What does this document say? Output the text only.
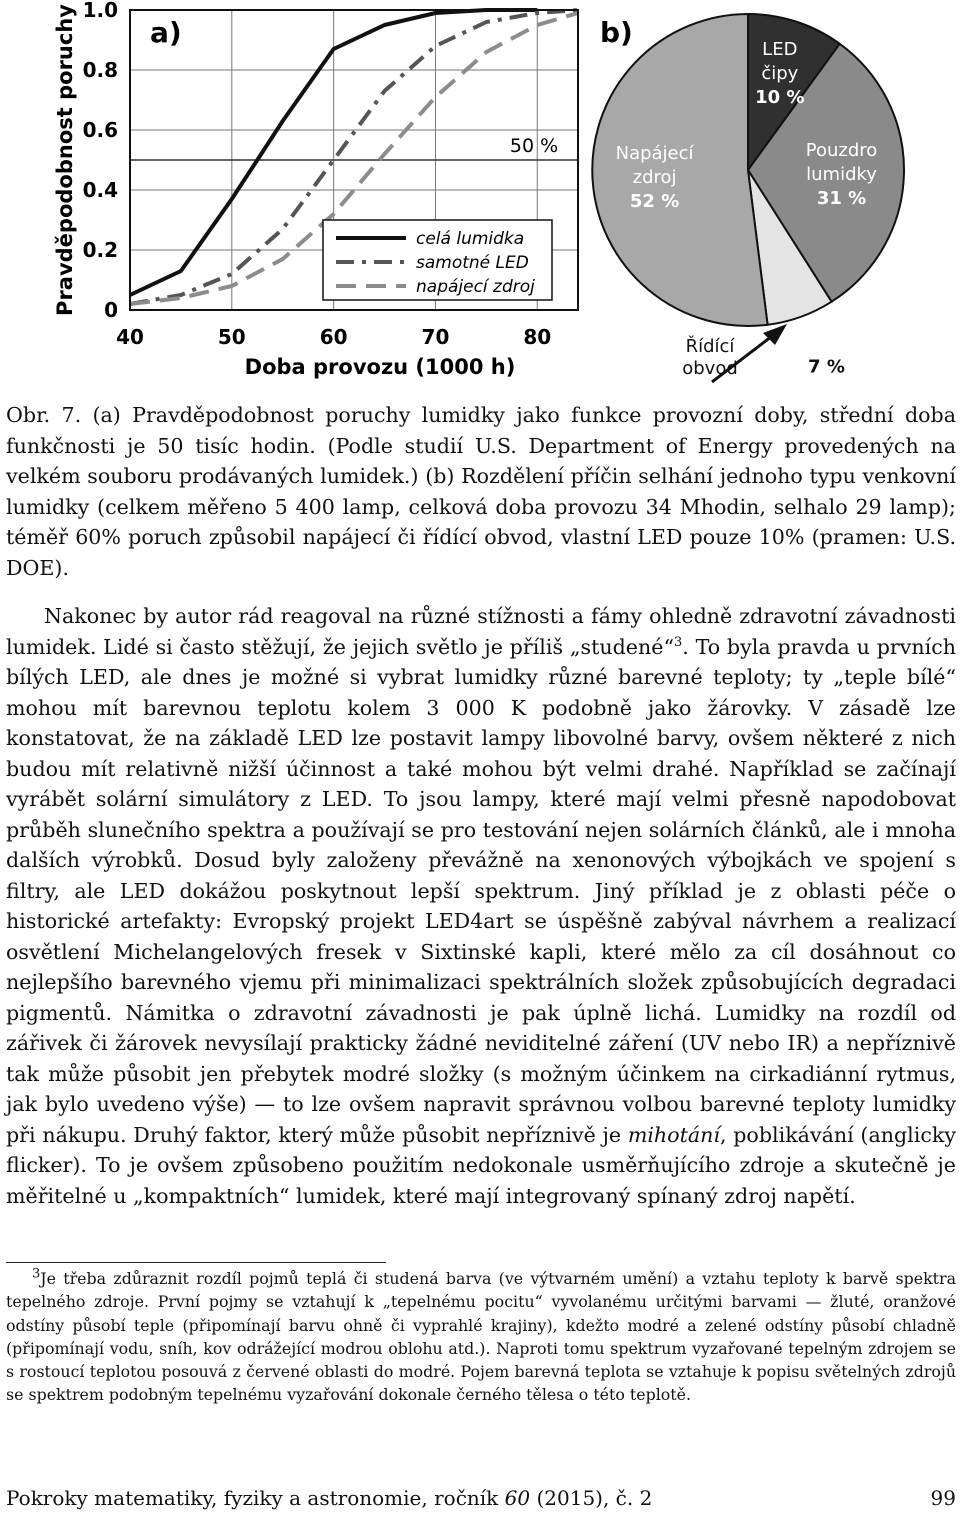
a)
Pravděpodobnost poruchy
Doba provozu (1000 h)
40	50	60	70	80
0
0.2
0.4
0.6
0.8
1.0
50 %
celá lumidka
samotné LED
napájecí zdroj
b)
LED
čipy
10 %
Pouzdro
lumidky
31 %
7 %
Řídící
obvod
Napájecí
zdroj
52 %
Obr. 7. (a) Pravděpodobnost poruchy lumidky jako funkce provozní doby, střední doba funkčnosti je 50 tisíc hodin. (Podle studií U.S. Department of Energy provedených na velkém souboru prodávaných lumidek.) (b) Rozdělení příčin selhání jednoho typu venkovní lumidky (celkem měřeno 5 400 lamp, celková doba provozu 34 Mhodin, selhalo 29 lamp); téměř 60% poruch způsobil napájecí či řídící obvod, vlastní LED pouze 10% (pramen: U.S. DOE).

Nakonec by autor rád reagoval na různé stížnosti a fámy ohledně zdravotní závadnosti lumidek. Lidé si často stěžují, že jejich světlo je příliš „studené“$^3$. To byla pravda u prvních bílých LED, ale dnes je možné si vybrat lumidky různé barevné teploty; ty „teple bílé“ mohou mít barevnou teplotu kolem 3 000 K podobně jako žárovky. V zásadě lze konstatovat, že na základě LED lze postavit lampy libovolné barvy, ovšem některé z nich budou mít relativně nižší účinnost a také mohou být velmi drahé. Například se začínají vyrábět solární simulátory z LED. To jsou lampy, které mají velmi přesně napodobovat průběh slunečního spektra a používají se pro testování nejen solárních článků, ale i mnoha dalších výrobků. Dosud byly založeny převážně na xenonových výbojkách ve spojení s filtry, ale LED dokážou poskytnout lepší spektrum. Jiný příklad je z oblasti péče o historické artefakty: Evropský projekt LED4art se úspěšně zabýval návrhem a realizací osvětlení Michelangelových fresek v Sixtinské kapli, které mělo za cíl dosáhnout co nejlepšího barevného vjemu při minimalizaci spektrálních složek způsobujících degradaci pigmentů. Námitka o zdravotní závadnosti je pak úplně lichá. Lumidky na rozdíl od zářivek či žárovek nevysílají prakticky žádné neviditelné záření (UV nebo IR) a nepříznivě tak může působit jen přebytek modré složky (s možným účinkem na cirkadiánní rytmus, jak bylo uvedeno výše) — to lze ovšem napravit správnou volbou barevné teploty lumidky při nákupu. Druhý faktor, který může působit nepříznivě je mihotání, poblikávání (anglicky flicker). To je ovšem způsobeno použitím nedokonale usměrňujícího zdroje a skutečně je měřitelné u „kompaktních“ lumidek, které mají integrovaný spínaný zdroj napětí.

$^3$Je třeba zdůraznit rozdíl pojmů teplá či studená barva (ve výtvarném umění) a vztahu teploty k barvě spektra tepelného zdroje. První pojmy se vztahují k „tepelnému pocitu“ vyvolanému určitými barvami — žluté, oranžové odstíny působí teple (připomínají barvu ohně či vyprahlé krajiny), kdežto modré a zelené odstíny působí chladně (připomínají vodu, sníh, kov odrážející modrou oblohu atd.). Naproti tomu spektrum vyzařované tepelným zdrojem se s rostoucí teplotou posouvá z červené oblasti do modré. Pojem barevná teplota se vztahuje k popisu světelných zdrojů se spektrem podobným tepelnému vyzařování dokonale černého tělesa o této teplotě.

Pokroky matematiky, fyziky a astronomie, ročník 60 (2015), č. 2	99
